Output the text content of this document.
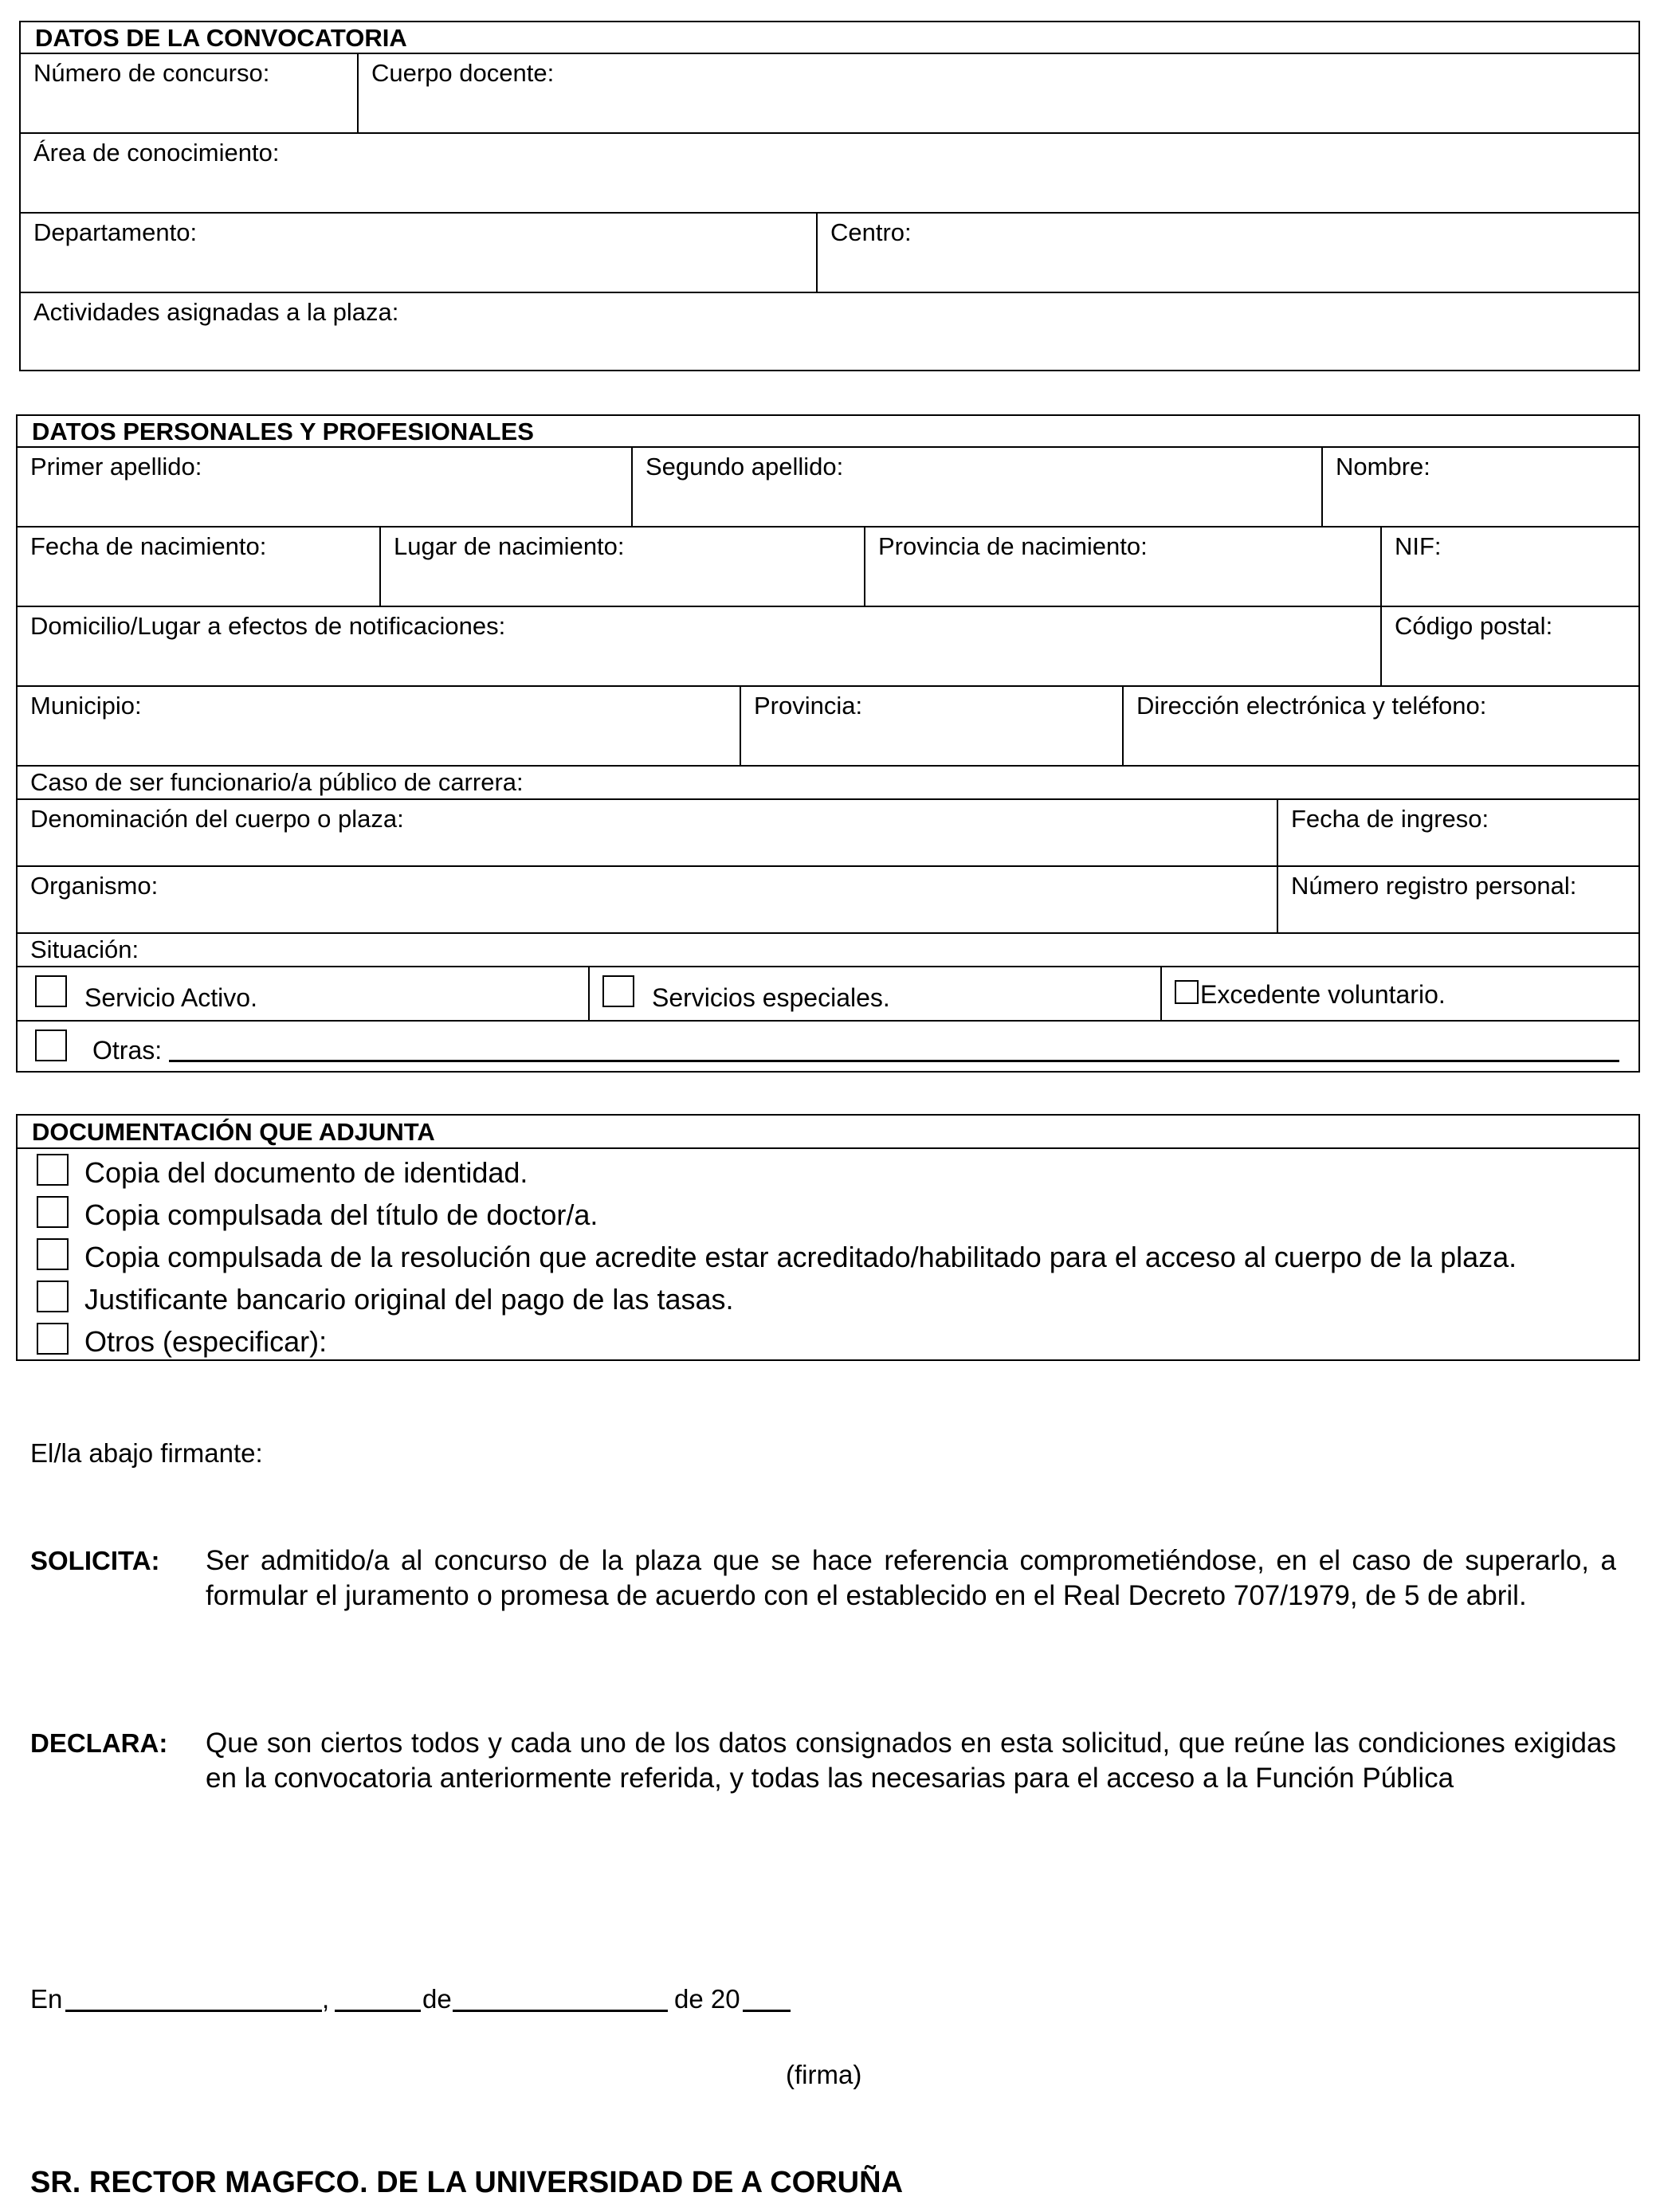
DATOS DE LA CONVOCATORIA
Número de concurso:	Cuerpo docente:
Área de conocimiento:
Departamento:	Centro:
Actividades asignadas a la plaza:
DATOS PERSONALES Y PROFESIONALES
Primer apellido:	Segundo apellido:	Nombre:
Fecha de nacimiento:	Lugar de nacimiento:	Provincia de nacimiento:	NIF:
Domicilio/Lugar a efectos de notificaciones:	Código postal:
Municipio:	Provincia:	Dirección electrónica y teléfono:
Caso de ser funcionario/a público de carrera:
Denominación del cuerpo o plaza:	Fecha de ingreso:
Organismo:	Número registro personal:
Situación:
Servicio Activo.	Servicios especiales.	Excedente voluntario.
Otras:
DOCUMENTACIÓN QUE ADJUNTA
Copia del documento de identidad.
Copia compulsada del título de doctor/a.
Copia compulsada de la resolución que acredite estar acreditado/habilitado para el acceso al cuerpo de la plaza.
Justificante bancario original del pago de las tasas.
Otros (especificar):
El/la abajo firmante:
SOLICITA: Ser admitido/a al concurso de la plaza que se hace referencia comprometiéndose, en el caso de superarlo, a formular el juramento o promesa de acuerdo con el establecido en el Real Decreto 707/1979, de 5 de abril.
DECLARA: Que son ciertos todos y cada uno de los datos consignados en esta solicitud, que reúne las condiciones exigidas en la convocatoria anteriormente referida, y todas las necesarias para el acceso a la Función Pública
En	,	de	de 20
(firma)
SR. RECTOR MAGFCO. DE LA UNIVERSIDAD DE A CORUÑA
